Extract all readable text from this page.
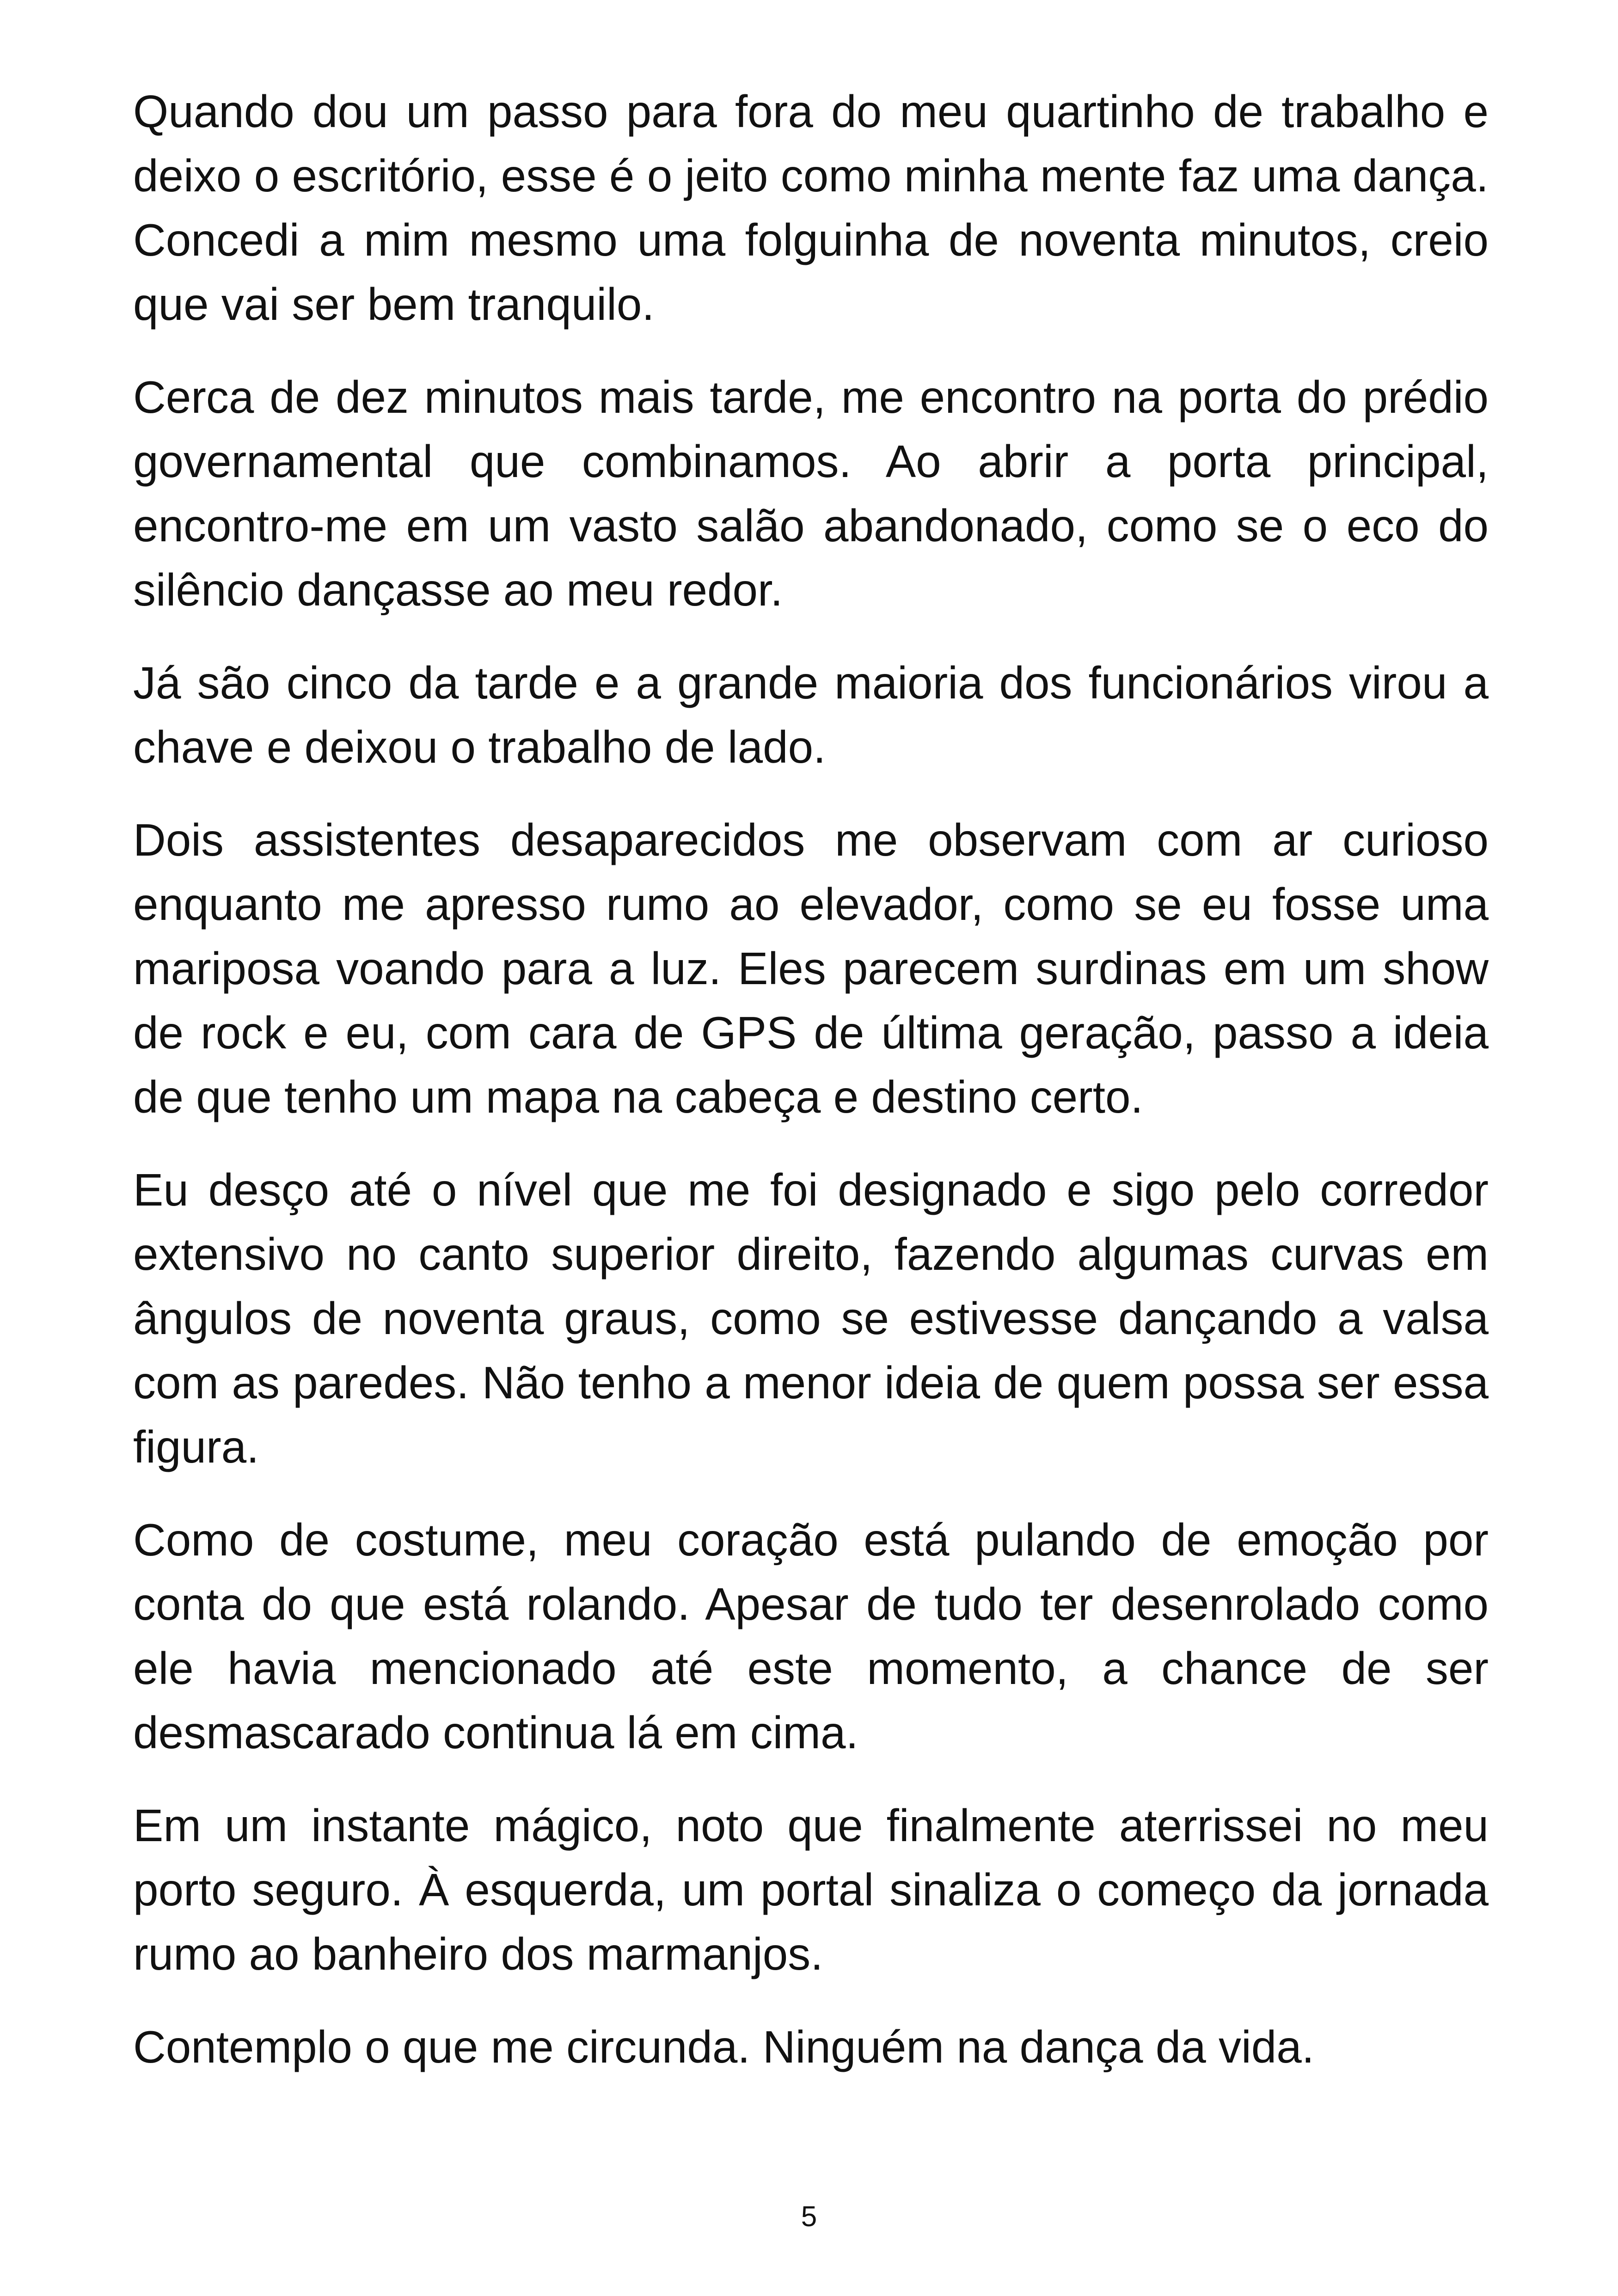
Quando dou um passo para fora do meu quartinho de trabalho e deixo o escritório, esse é o jeito como minha mente faz uma dança. Concedi a mim mesmo uma folguinha de noventa minutos, creio que vai ser bem tranquilo.

Cerca de dez minutos mais tarde, me encontro na porta do prédio governamental que combinamos. Ao abrir a porta principal, encontro-me em um vasto salão abandonado, como se o eco do silêncio dançasse ao meu redor.

Já são cinco da tarde e a grande maioria dos funcionários virou a chave e deixou o trabalho de lado.

Dois assistentes desaparecidos me observam com ar curioso enquanto me apresso rumo ao elevador, como se eu fosse uma mariposa voando para a luz. Eles parecem surdinas em um show de rock e eu, com cara de GPS de última geração, passo a ideia de que tenho um mapa na cabeça e destino certo.

Eu desço até o nível que me foi designado e sigo pelo corredor extensivo no canto superior direito, fazendo algumas curvas em ângulos de noventa graus, como se estivesse dançando a valsa com as paredes. Não tenho a menor ideia de quem possa ser essa figura.

Como de costume, meu coração está pulando de emoção por conta do que está rolando. Apesar de tudo ter desenrolado como ele havia mencionado até este momento, a chance de ser desmascarado continua lá em cima.

Em um instante mágico, noto que finalmente aterrissei no meu porto seguro. À esquerda, um portal sinaliza o começo da jornada rumo ao banheiro dos marmanjos.

Contemplo o que me circunda. Ninguém na dança da vida.

5
